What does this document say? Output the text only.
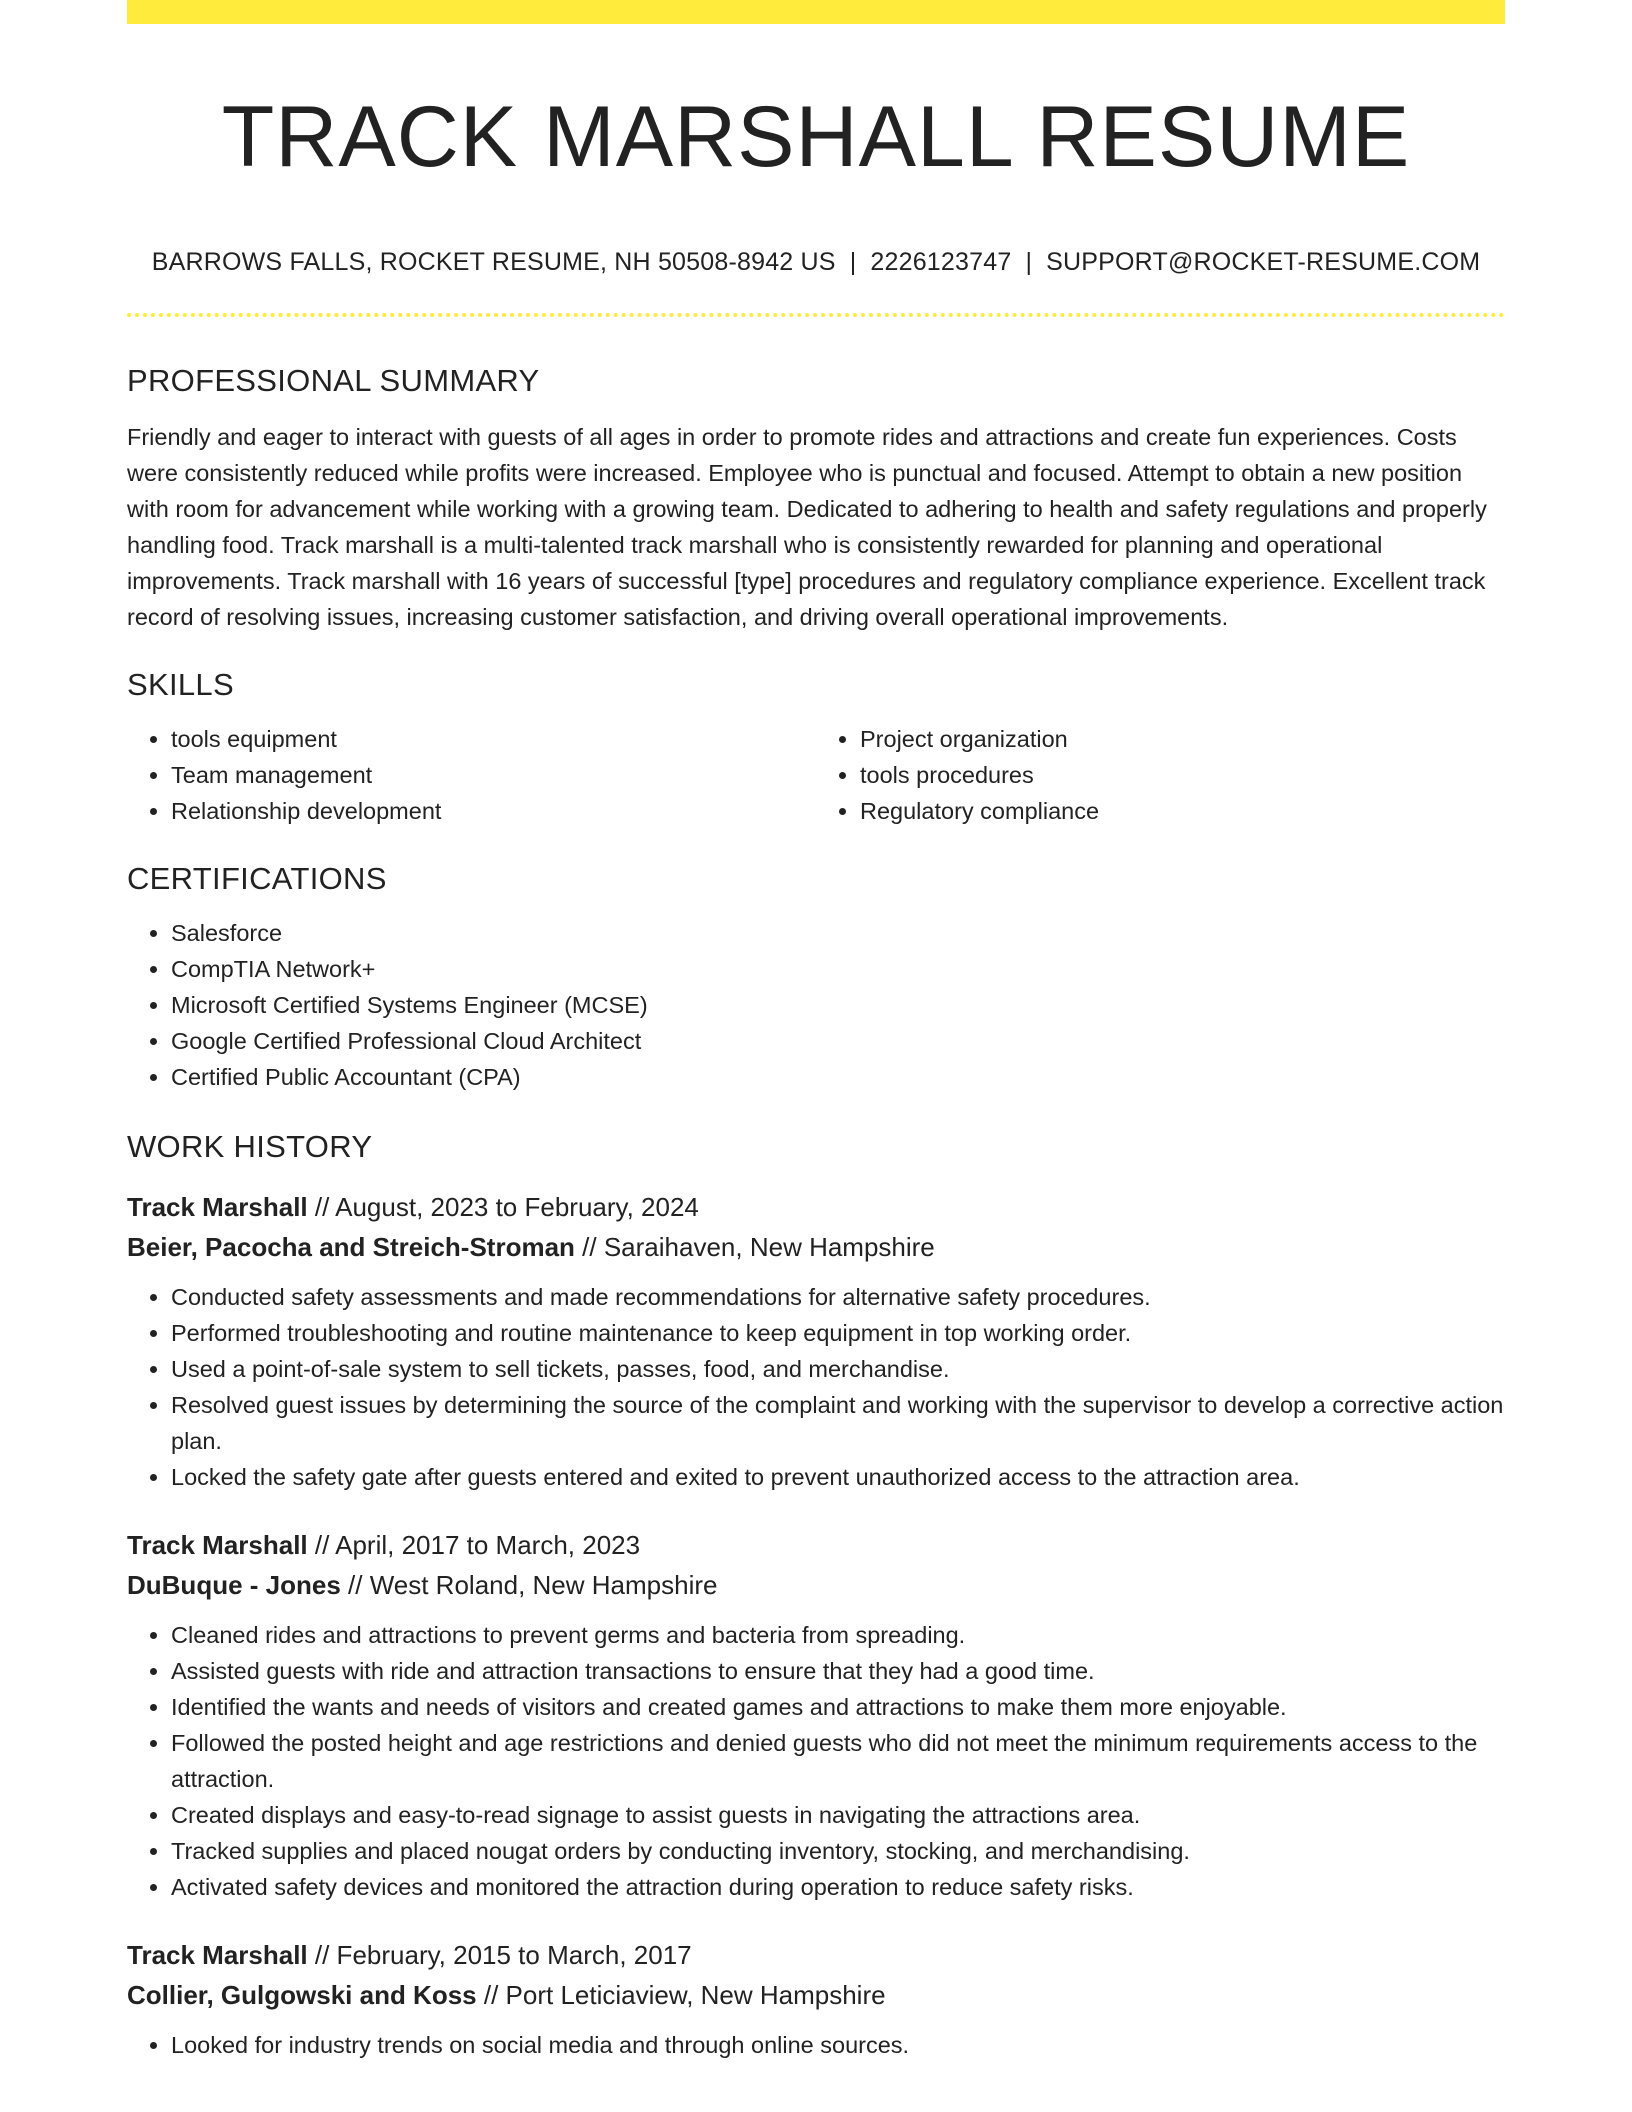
TRACK MARSHALL RESUME
BARROWS FALLS, ROCKET RESUME, NH 50508-8942 US | 2226123747 | SUPPORT@ROCKET-RESUME.COM
PROFESSIONAL SUMMARY

Friendly and eager to interact with guests of all ages in order to promote rides and attractions and create fun experiences. Costs were consistently reduced while profits were increased. Employee who is punctual and focused. Attempt to obtain a new position with room for advancement while working with a growing team. Dedicated to adhering to health and safety regulations and properly handling food. Track marshall is a multi-talented track marshall who is consistently rewarded for planning and operational improvements. Track marshall with 16 years of successful [type] procedures and regulatory compliance experience. Excellent track record of resolving issues, increasing customer satisfaction, and driving overall operational improvements.

SKILLS
• tools equipment
• Team management
• Relationship development
• Project organization
• tools procedures
• Regulatory compliance
CERTIFICATIONS
• Salesforce
• CompTIA Network+
• Microsoft Certified Systems Engineer (MCSE)
• Google Certified Professional Cloud Architect
• Certified Public Accountant (CPA)
WORK HISTORY
Track Marshall // August, 2023 to February, 2024
Beier, Pacocha and Streich-Stroman // Saraihaven, New Hampshire
• Conducted safety assessments and made recommendations for alternative safety procedures.
• Performed troubleshooting and routine maintenance to keep equipment in top working order.
• Used a point-of-sale system to sell tickets, passes, food, and merchandise.
• Resolved guest issues by determining the source of the complaint and working with the supervisor to develop a corrective action plan.
• Locked the safety gate after guests entered and exited to prevent unauthorized access to the attraction area.
Track Marshall // April, 2017 to March, 2023
DuBuque - Jones // West Roland, New Hampshire
• Cleaned rides and attractions to prevent germs and bacteria from spreading.
• Assisted guests with ride and attraction transactions to ensure that they had a good time.
• Identified the wants and needs of visitors and created games and attractions to make them more enjoyable.
• Followed the posted height and age restrictions and denied guests who did not meet the minimum requirements access to the attraction.
• Created displays and easy-to-read signage to assist guests in navigating the attractions area.
• Tracked supplies and placed nougat orders by conducting inventory, stocking, and merchandising.
• Activated safety devices and monitored the attraction during operation to reduce safety risks.
Track Marshall // February, 2015 to March, 2017
Collier, Gulgowski and Koss // Port Leticiaview, New Hampshire
• Looked for industry trends on social media and through online sources.
